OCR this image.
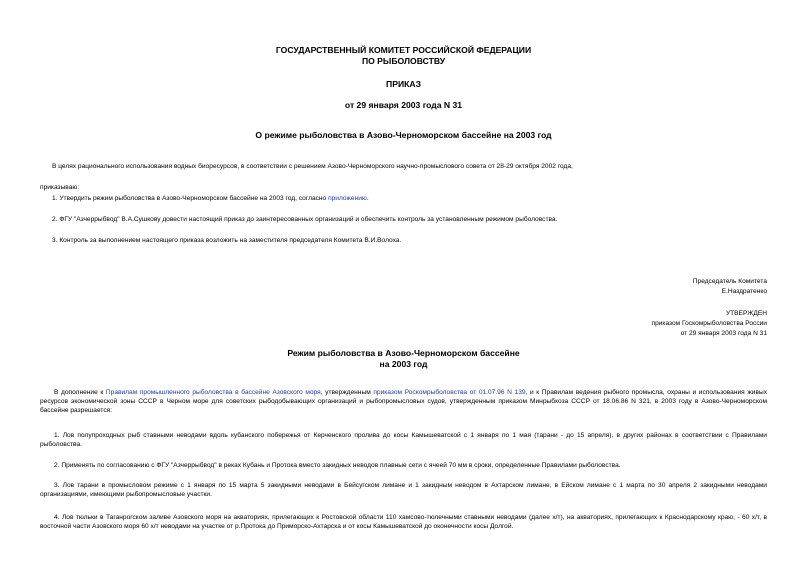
ГОСУДАРСТВЕННЫЙ КОМИТЕТ РОССИЙСКОЙ ФЕДЕРАЦИИ
ПО РЫБОЛОВСТВУ
ПРИКАЗ
от 29 января 2003 года N 31
О режиме рыболовства в Азово-Черноморском бассейне на 2003 год
В целях рационального использования водных биоресурсов, в соответствии с решением Азово-Черноморского научно-промыслового совета от 28-29 октября 2002 года,
приказываю:
1. Утвердить режим рыболовства в Азово-Черноморском бассейне на 2003 год, согласно приложению.
2. ФГУ "Азчеррыбвод" В.А.Сушкову довести настоящий приказ до заинтересованных организаций и обеспечить контроль за установленным режимом рыболовства.
3. Контроль за выполнением настоящего приказа возложить на заместителя председателя Комитета В.И.Волоха.
Председатель Комитета
Е.Наздратенко
УТВЕРЖДЕН
приказом Госкомрыболовства России
от 29 января 2003 года N 31
Режим рыболовства в Азово-Черноморском бассейне
на 2003 год
В дополнение к Правилам промышленного рыболовства в бассейне Азовского моря, утвержденным приказом Роскомрыболовства от 01.07.96 N 139, и к Правилам ведения рыбного промысла, охраны и использования живых ресурсов экономической зоны СССР в Черном море для советских рыбодобывающих организаций и рыбопромысловых судов, утвержденным приказом Минрыбхоза СССР от 18.06.86 N 321, в 2003 году в Азово-Черноморском бассейне разрешается:
1. Лов полупроходных рыб ставными неводами вдоль кубанского побережья от Керченского пролива до косы Камышеватской с 1 января по 1 мая (тарани - до 15 апреля), в других районах в соответствии с Правилами рыболовства.
2. Применять по согласованию с ФГУ "Азчеррыбвод" в реках Кубань и Протока вместо закидных неводов плавные сети с ячеей 70 мм в сроки, определенные Правилами рыболовства.
3. Лов тарани в промысловом режиме с 1 января по 15 марта 5 закидными неводами в Бейсугском лимане и 1 закидным неводом в Ахтарском лимане, в Ейском лимане с 1 марта по 30 апреля 2 закидными неводами организациями, имеющими рыбопромысловые участки.
4. Лов тюльки в Таганрогском заливе Азовского моря на акваториях, прилегающих к Ростовской области 110 хамсово-тюлечными ставными неводами (далее х/т), на акваториях, прилегающих к Краснодарскому краю, - 60 х/т, в восточной части Азовского моря 60 х/т неводами на участке от р.Протока до Приморско-Ахтарска и от косы Камышеватской до оконечности косы Долгой.
